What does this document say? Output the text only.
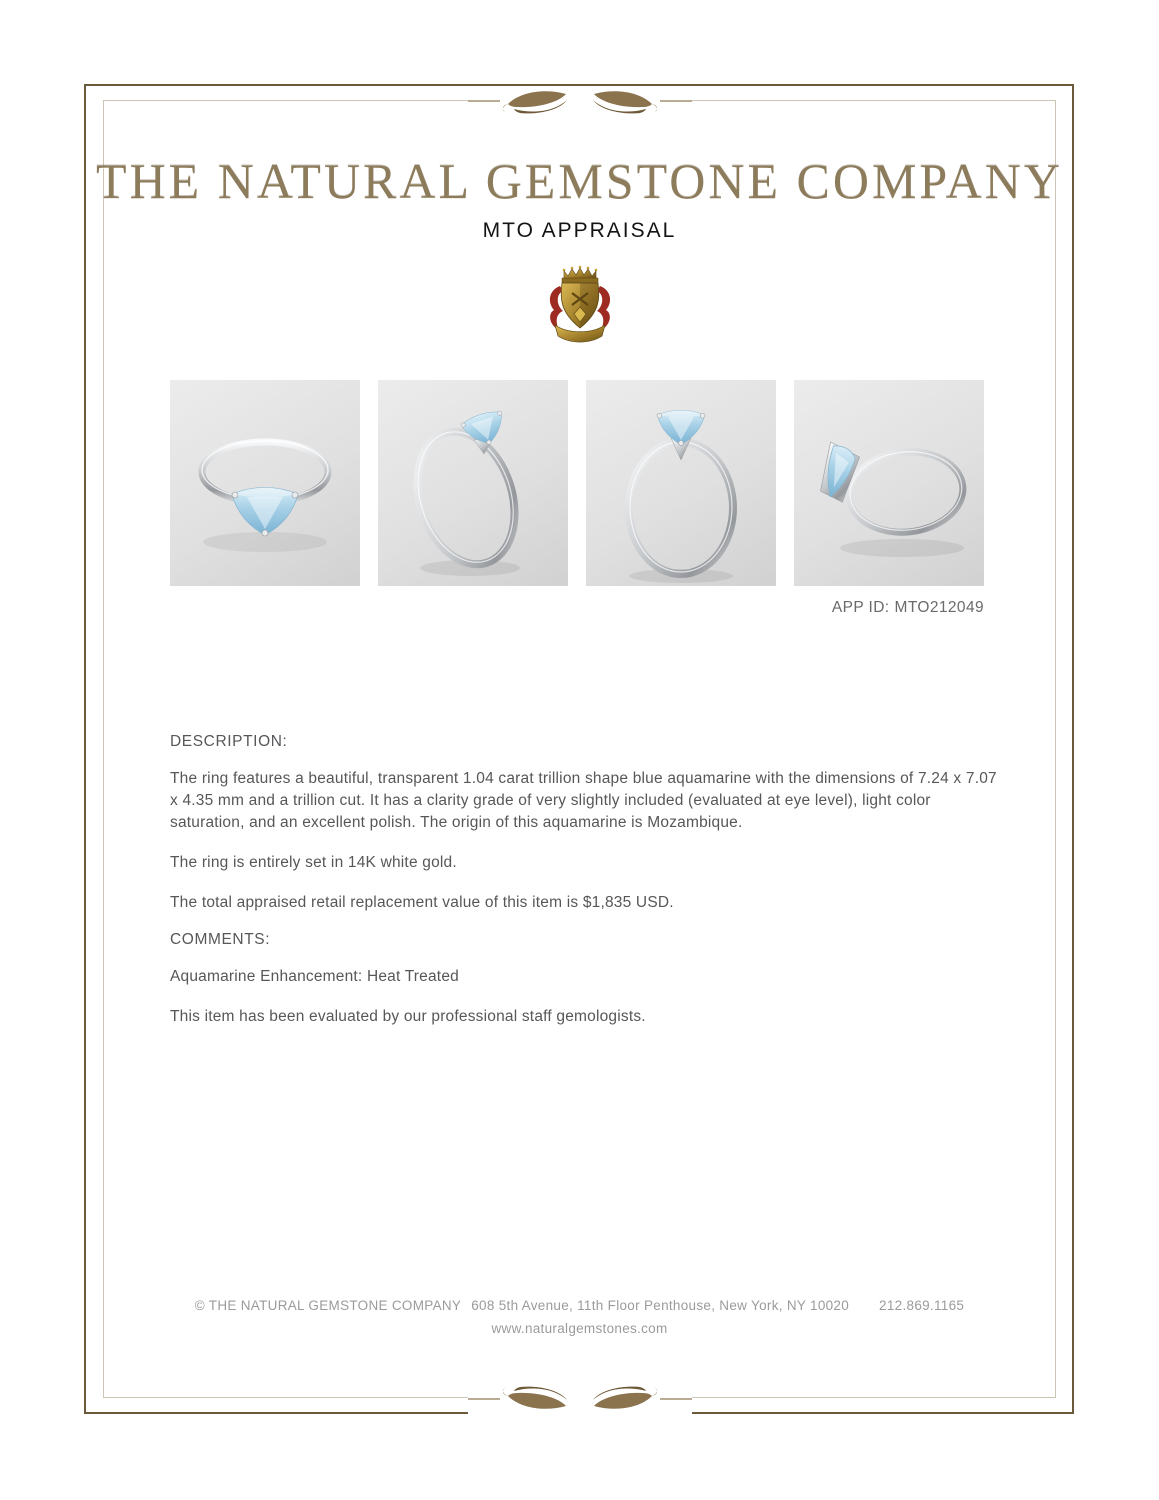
THE NATURAL GEMSTONE COMPANY
MTO APPRAISAL
APP ID: MTO212049

DESCRIPTION:

The ring features a beautiful, transparent 1.04 carat trillion shape blue aquamarine with the dimensions of 7.24 x 7.07 x 4.35 mm and a trillion cut. It has a clarity grade of very slightly included (evaluated at eye level), light color saturation, and an excellent polish. The origin of this aquamarine is Mozambique.

The ring is entirely set in 14K white gold.

The total appraised retail replacement value of this item is $1,835 USD.

COMMENTS:

Aquamarine Enhancement: Heat Treated

This item has been evaluated by our professional staff gemologists.

© THE NATURAL GEMSTONE COMPANY 608 5th Avenue, 11th Floor Penthouse, New York, NY 10020 212.869.1165
www.naturalgemstones.com
